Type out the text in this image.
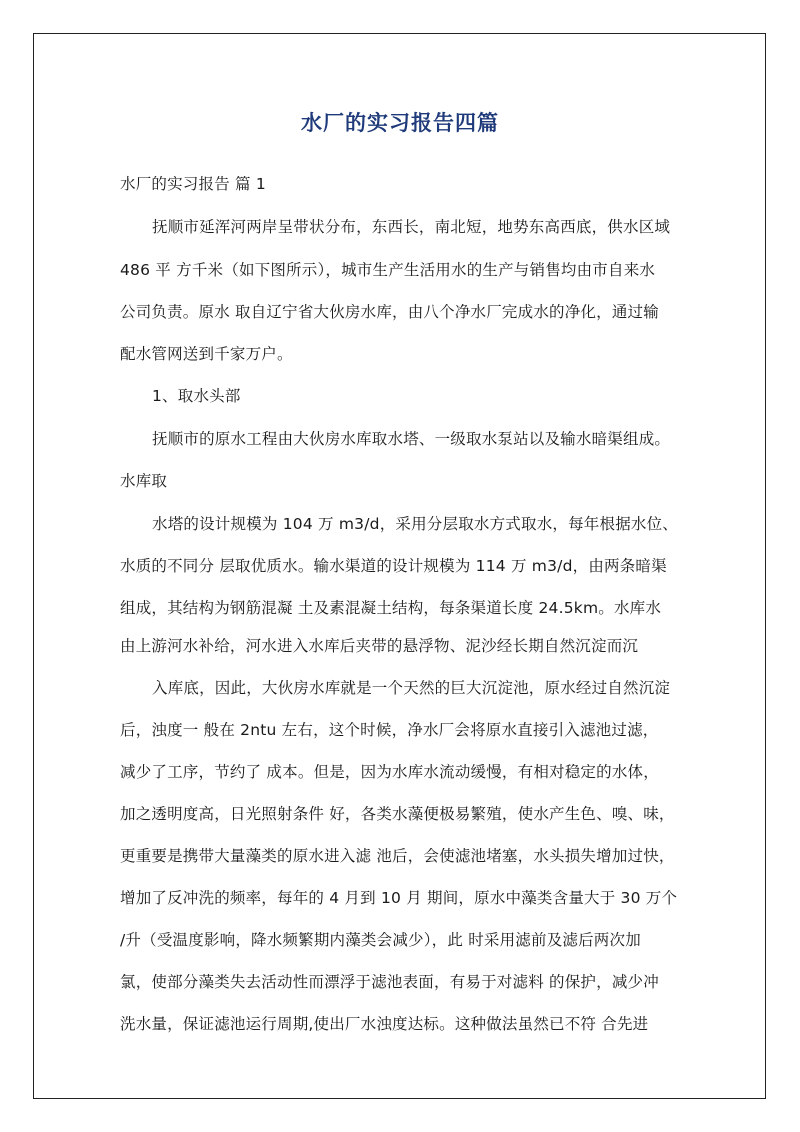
水厂的实习报告四篇
水厂的实习报告 篇 1
抚顺市延浑河两岸呈带状分布，东西长，南北短，地势东高西底，供水区域
486 平 方千米（如下图所示），城市生产生活用水的生产与销售均由市自来水
公司负责。原水 取自辽宁省大伙房水库，由八个净水厂完成水的净化，通过输
配水管网送到千家万户。
1、取水头部
抚顺市的原水工程由大伙房水库取水塔、一级取水泵站以及输水暗渠组成。
水库取
水塔的设计规模为 104 万 m3/d，采用分层取水方式取水，每年根据水位、
水质的不同分 层取优质水。输水渠道的设计规模为 114 万 m3/d，由两条暗渠
组成，其结构为钢筋混凝 土及素混凝土结构，每条渠道长度 24.5km。水库水
由上游河水补给，河水进入水库后夹带的悬浮物、泥沙经长期自然沉淀而沉
入库底，因此，大伙房水库就是一个天然的巨大沉淀池，原水经过自然沉淀
后，浊度一 般在 2ntu 左右，这个时候，净水厂会将原水直接引入滤池过滤，
减少了工序，节约了 成本。但是，因为水库水流动缓慢，有相对稳定的水体，
加之透明度高，日光照射条件 好，各类水藻便极易繁殖，使水产生色、嗅、味，
更重要是携带大量藻类的原水进入滤 池后，会使滤池堵塞，水头损失增加过快，
增加了反冲洗的频率，每年的 4 月到 10 月 期间，原水中藻类含量大于 30 万个
/升（受温度影响，降水频繁期内藻类会减少），此 时采用滤前及滤后两次加
氯，使部分藻类失去活动性而漂浮于滤池表面，有易于对滤料 的保护，减少冲
洗水量，保证滤池运行周期,使出厂水浊度达标。这种做法虽然已不符 合先进
